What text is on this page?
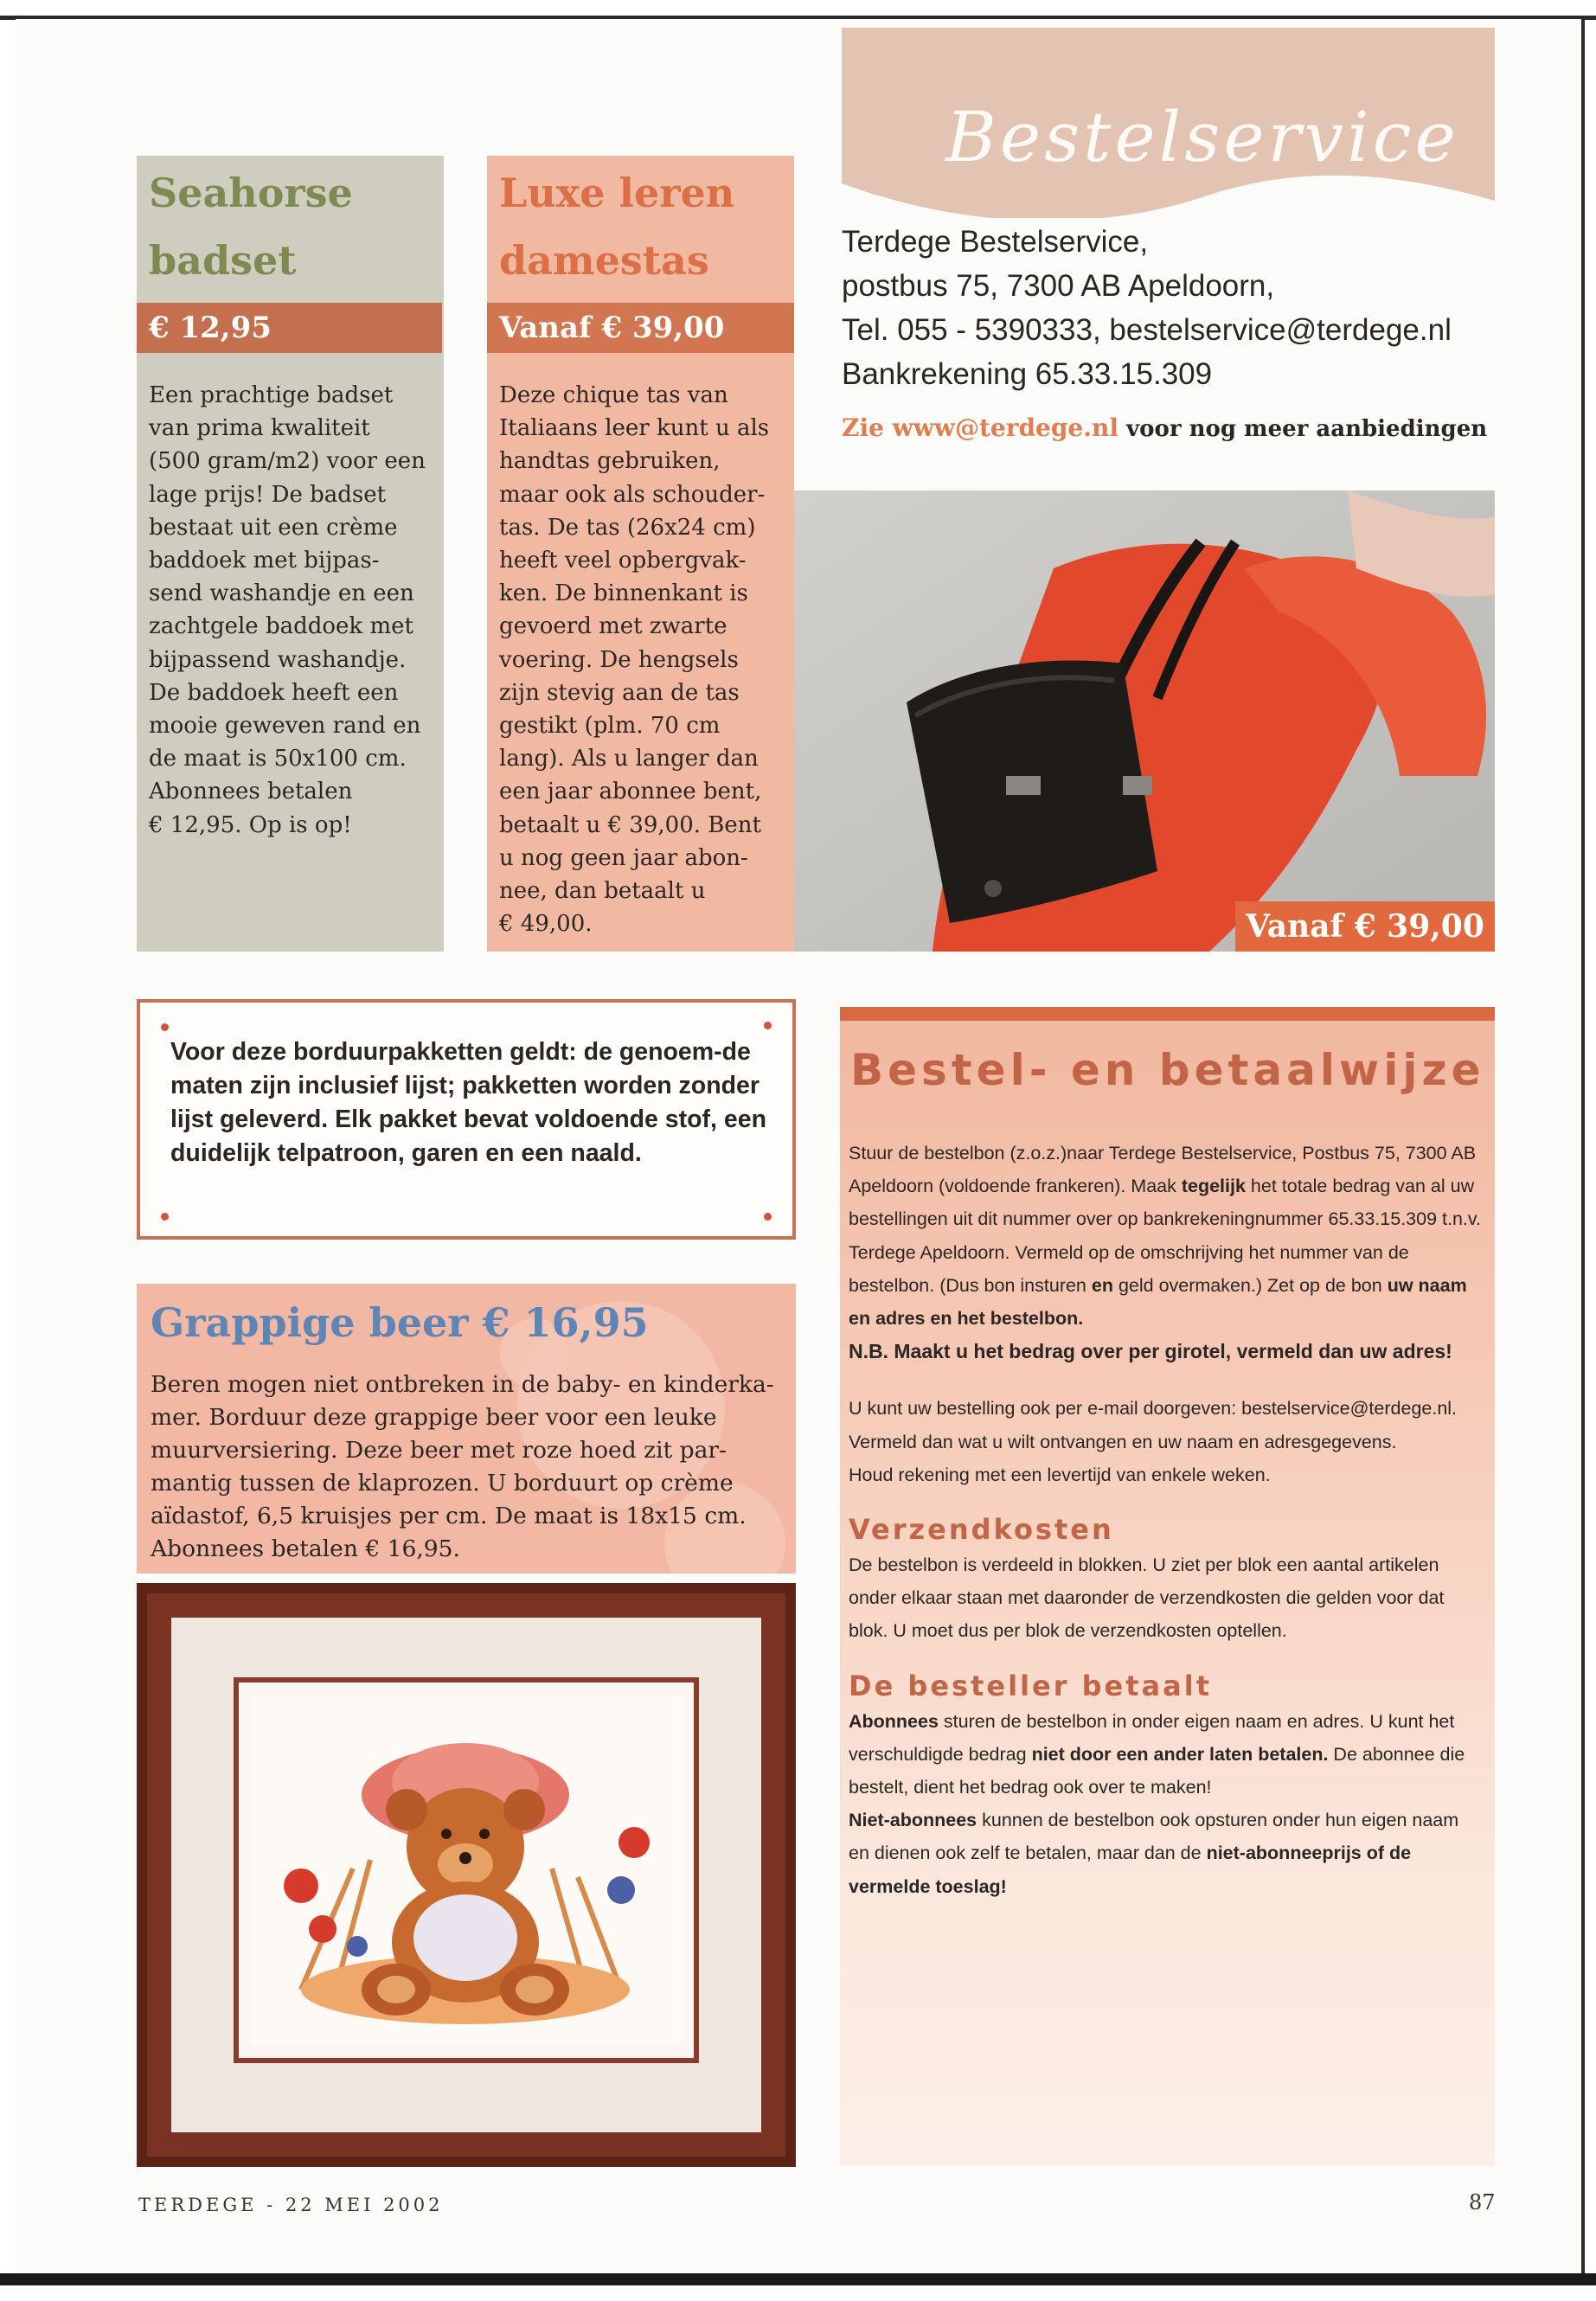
Seahorse
badset
€ 12,95
Een prachtige badset
van prima kwaliteit
(500 gram/m2) voor een
lage prijs! De badset
bestaat uit een crème
baddoek met bijpas-
send washandje en een
zachtgele baddoek met
bijpassend washandje.
De baddoek heeft een
mooie geweven rand en
de maat is 50x100 cm.
Abonnees betalen
€ 12,95. Op is op!
Luxe leren
damestas
Vanaf € 39,00
Deze chique tas van
Italiaans leer kunt u als
handtas gebruiken,
maar ook als schouder-
tas. De tas (26x24 cm)
heeft veel opbergvak-
ken. De binnenkant is
gevoerd met zwarte
voering. De hengsels
zijn stevig aan de tas
gestikt (plm. 70 cm
lang). Als u langer dan
een jaar abonnee bent,
betaalt u € 39,00. Bent
u nog geen jaar abon-
nee, dan betaalt u
€ 49,00.
Bestelservice
Terdege Bestelservice,
postbus 75, 7300 AB Apeldoorn,
Tel. 055 - 5390333, bestelservice@terdege.nl
Bankrekening 65.33.15.309
Zie www@terdege.nl voor nog meer aanbiedingen
Vanaf € 39,00
Voor deze borduurpakketten geldt: de genoem-de maten zijn inclusief lijst; pakketten worden zonder lijst geleverd. Elk pakket bevat voldoende stof, een duidelijk telpatroon, garen en een naald.
Grappige beer € 16,95
Beren mogen niet ontbreken in de baby- en kinderka-mer. Borduur deze grappige beer voor een leuke muurversiering. Deze beer met roze hoed zit par-mantig tussen de klaprozen. U borduurt op crème aïdastof, 6,5 kruisjes per cm. De maat is 18x15 cm. Abonnees betalen € 16,95.
Bestel- en betaalwijze

Stuur de bestelbon (z.o.z.)naar Terdege Bestelservice, Postbus 75, 7300 AB Apeldoorn (voldoende frankeren). Maak tegelijk het totale bedrag van al uw bestellingen uit dit nummer over op bankrekeningnummer 65.33.15.309 t.n.v. Terdege Apeldoorn. Vermeld op de omschrijving het nummer van de bestelbon. (Dus bon insturen en geld overmaken.) Zet op de bon uw naam en adres en het bestelbon.

N.B. Maakt u het bedrag over per girotel, vermeld dan uw adres!

U kunt uw bestelling ook per e-mail doorgeven: bestelservice@terdege.nl. Vermeld dan wat u wilt ontvangen en uw naam en adresgegevens.

Houd rekening met een levertijd van enkele weken.

Verzendkosten

De bestelbon is verdeeld in blokken. U ziet per blok een aantal artikelen onder elkaar staan met daaronder de verzendkosten die gelden voor dat blok. U moet dus per blok de verzendkosten optellen.

De besteller betaalt

Abonnees sturen de bestelbon in onder eigen naam en adres. U kunt het verschuldigde bedrag niet door een ander laten betalen. De abonnee die bestelt, dient het bedrag ook over te maken!

Niet-abonnees kunnen de bestelbon ook opsturen onder hun eigen naam en dienen ook zelf te betalen, maar dan de niet-abonneeprijs of de vermelde toeslag!

TERDEGE - 22 MEI 2002	87
